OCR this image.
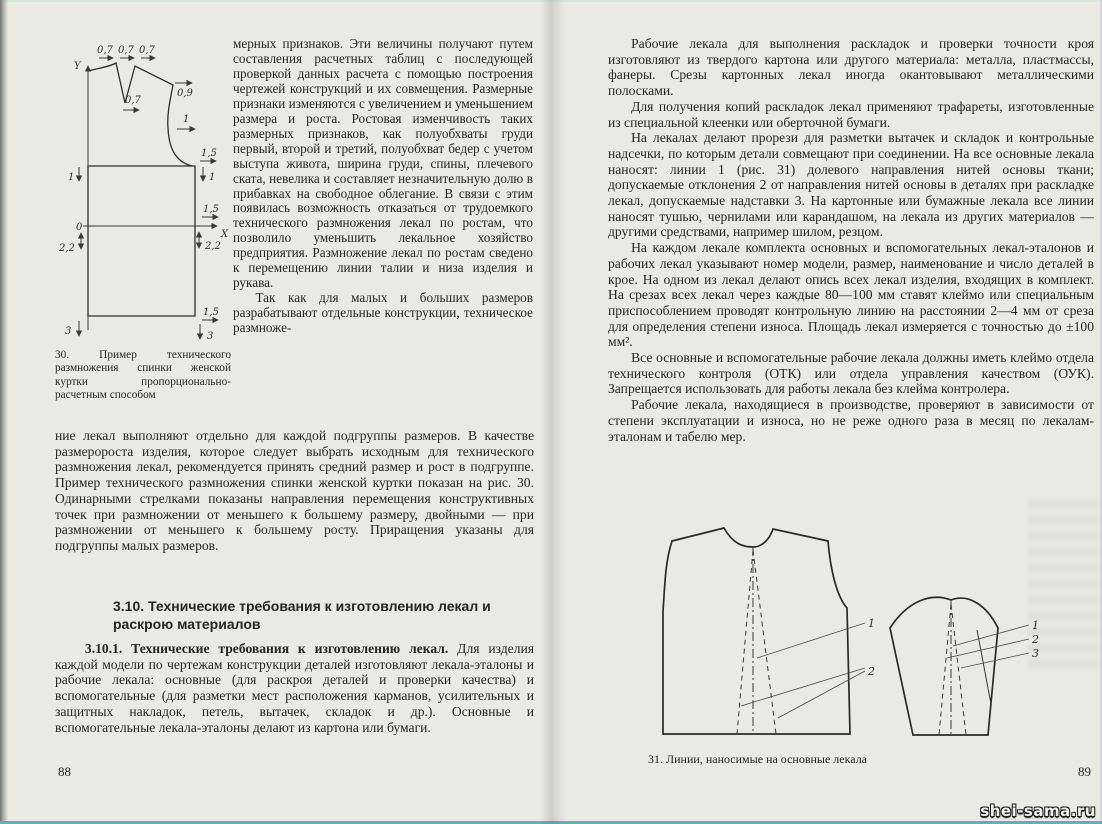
Y
X
0
0,7 0,7 0,7
0,7
0,9
1
1,5
1
1
1,5
2,2
2,2
3
1,5
3
30. Пример технического размножения спинки женской куртки пропорционально-расчетным способом

мерных признаков. Эти величины получают путем составления расчетных таблиц с последующей проверкой данных расчета с помощью построения чертежей конструкций и их совмещения. Размерные признаки изменяются с увеличением и уменьшением размера и роста. Ростовая изменчивость таких размерных признаков, как полуобхваты груди первый, второй и третий, полуобхват бедер с учетом выступа живота, ширина груди, спины, плечевого ската, невелика и составляет незначительную долю в прибавках на свободное облегание. В связи с этим появилась возможность отказаться от трудоемкого технического размножения лекал по ростам, что позволило уменьшить лекальное хозяйство предприятия. Размножение лекал по ростам сведено к перемещению линии талии и низа изделия и рукава.

Так как для малых и больших размеров разрабатывают отдельные конструкции, техническое размноже-

ние лекал выполняют отдельно для каждой подгруппы размеров. В качестве размеророста изделия, которое следует выбрать исходным для технического размножения лекал, рекомендуется принять средний размер и рост в подгруппе. Пример технического размножения спинки женской куртки показан на рис. 30. Одинарными стрелками показаны направления перемещения конструктивных точек при размножении от меньшего к большему размеру, двойными — при размножении от меньшего к большему росту. Приращения указаны для подгруппы малых размеров.

3.10. Технические требования к изготовлению лекал и раскрою материалов

3.10.1. Технические требования к изготовлению лекал. Для изделия каждой модели по чертежам конструкции деталей изготовляют лекала-эталоны и рабочие лекала: основные (для раскроя деталей и проверки качества) и вспомогательные (для разметки мест расположения карманов, усилительных и защитных накладок, петель, вытачек, складок и др.). Основные и вспомогательные лекала-эталоны делают из картона или бумаги.

88

Рабочие лекала для выполнения раскладок и проверки точности кроя изготовляют из твердого картона или другого материала: металла, пластмассы, фанеры. Срезы картонных лекал иногда окантовывают металлическими полосками.

Для получения копий раскладок лекал применяют трафареты, изготовленные из специальной клеенки или оберточной бумаги.

На лекалах делают прорези для разметки вытачек и складок и контрольные надсечки, по которым детали совмещают при соединении. На все основные лекала наносят: линии 1 (рис. 31) долевого направления нитей основы ткани; допускаемые отклонения 2 от направления нитей основы в деталях при раскладке лекал, допускаемые надставки 3. На картонные или бумажные лекала все линии наносят тушью, чернилами или карандашом, на лекала из других материалов — другими средствами, например шилом, резцом.

На каждом лекале комплекта основных и вспомогательных лекал-эталонов и рабочих лекал указывают номер модели, размер, наименование и число деталей в крое. На одном из лекал делают опись всех лекал изделия, входящих в комплект. На срезах всех лекал через каждые 80—100 мм ставят клеймо или специальным приспособлением проводят контрольную линию на расстоянии 2—4 мм от среза для определения степени износа. Площадь лекал измеряется с точностью до ±100 мм².

Все основные и вспомогательные рабочие лекала должны иметь клеймо отдела технического контроля (ОТК) или отдела управления качеством (ОУК). Запрещается использовать для работы лекала без клейма контролера.

Рабочие лекала, находящиеся в производстве, проверяют в зависимости от степени эксплуатации и износа, но не реже одного раза в месяц по лекалам-эталонам и табелю мер.

1
2
1
2
3
31. Линии, наносимые на основные лекала
89
shei-sama.ru
